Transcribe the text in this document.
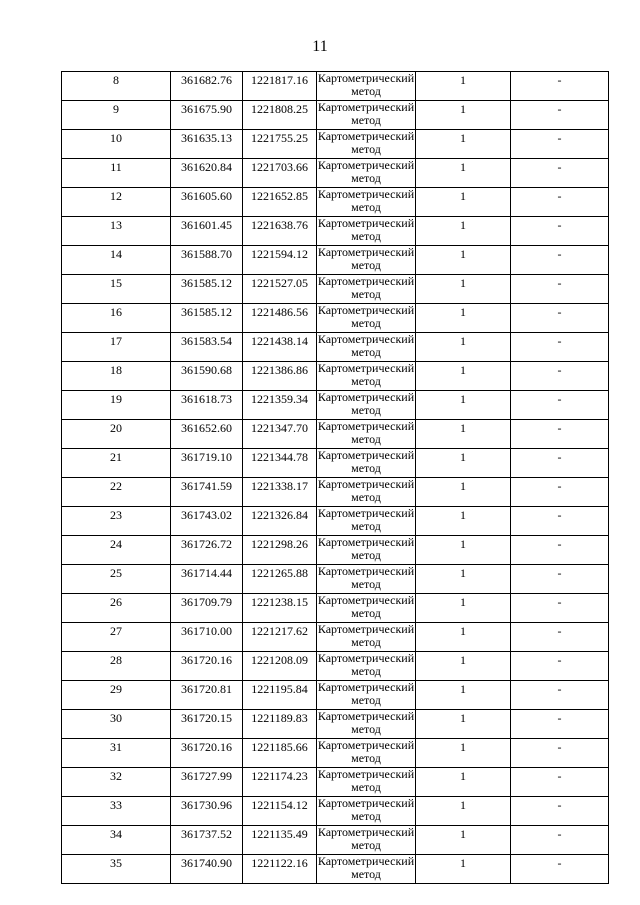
11
8	361682.76	1221817.16	Картометрический метод	1	-
9	361675.90	1221808.25	Картометрический метод	1	-
10	361635.13	1221755.25	Картометрический метод	1	-
11	361620.84	1221703.66	Картометрический метод	1	-
12	361605.60	1221652.85	Картометрический метод	1	-
13	361601.45	1221638.76	Картометрический метод	1	-
14	361588.70	1221594.12	Картометрический метод	1	-
15	361585.12	1221527.05	Картометрический метод	1	-
16	361585.12	1221486.56	Картометрический метод	1	-
17	361583.54	1221438.14	Картометрический метод	1	-
18	361590.68	1221386.86	Картометрический метод	1	-
19	361618.73	1221359.34	Картометрический метод	1	-
20	361652.60	1221347.70	Картометрический метод	1	-
21	361719.10	1221344.78	Картометрический метод	1	-
22	361741.59	1221338.17	Картометрический метод	1	-
23	361743.02	1221326.84	Картометрический метод	1	-
24	361726.72	1221298.26	Картометрический метод	1	-
25	361714.44	1221265.88	Картометрический метод	1	-
26	361709.79	1221238.15	Картометрический метод	1	-
27	361710.00	1221217.62	Картометрический метод	1	-
28	361720.16	1221208.09	Картометрический метод	1	-
29	361720.81	1221195.84	Картометрический метод	1	-
30	361720.15	1221189.83	Картометрический метод	1	-
31	361720.16	1221185.66	Картометрический метод	1	-
32	361727.99	1221174.23	Картометрический метод	1	-
33	361730.96	1221154.12	Картометрический метод	1	-
34	361737.52	1221135.49	Картометрический метод	1	-
35	361740.90	1221122.16	Картометрический метод	1	-
